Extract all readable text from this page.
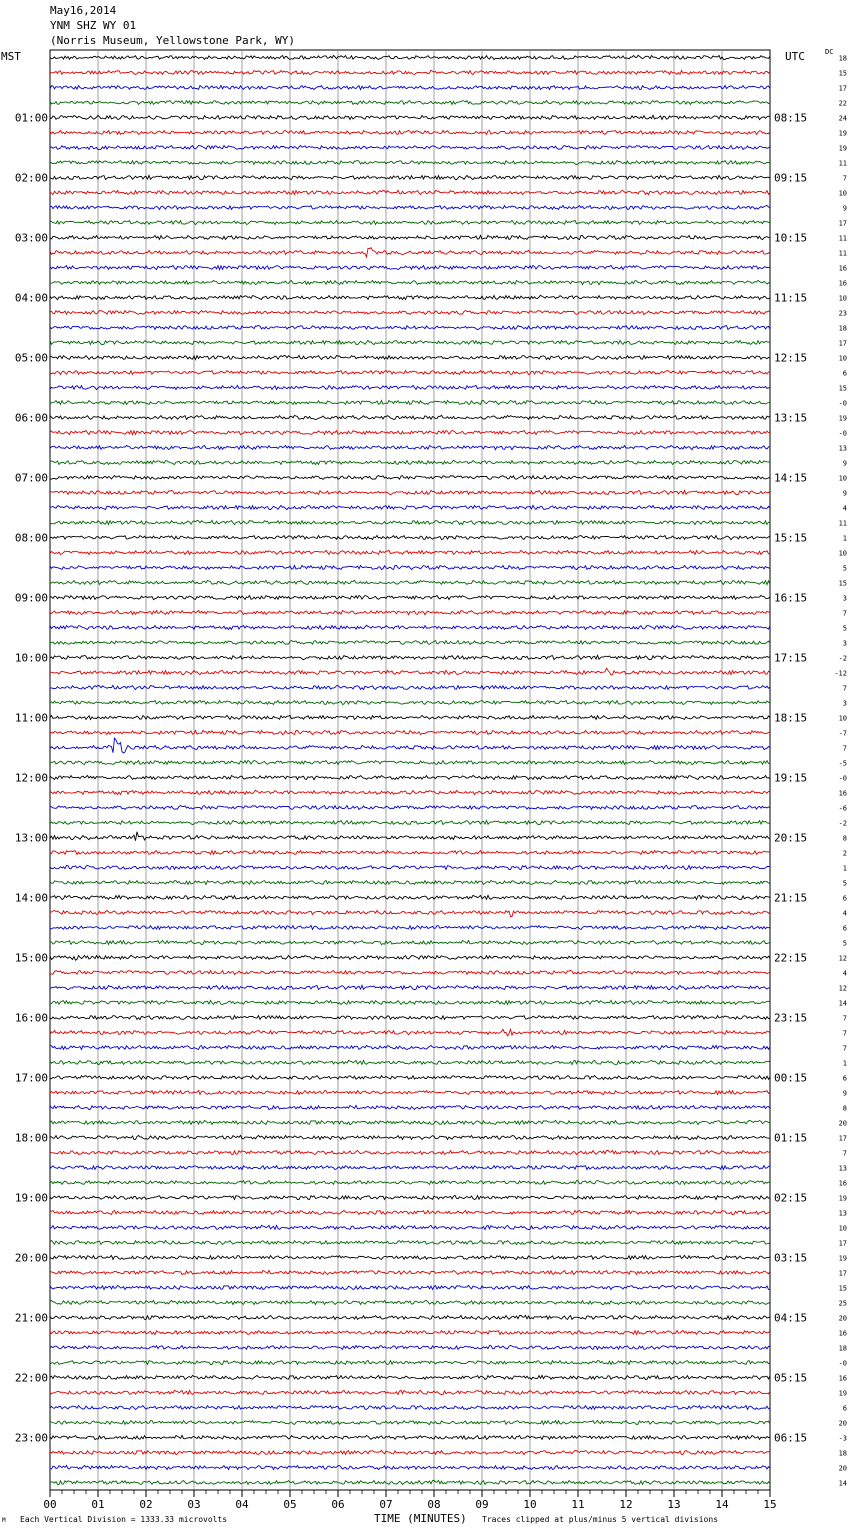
May16,2014
YNM SHZ WY 01
(Norris Museum, Yellowstone Park, WY)
MST	UTC	DC
18
15
17
22
24
19
19
11
7
10
9
17
11
11
16
16
10
23
18
17
10
6
15
-0
19
-0
13
9
10
9
4
11
1
10
5
15
3
7
5
3
-2
-12
7
3
10
-7
7
-5
-0
16
-6
-2
8
2
1
5
6
4
6
5
12
4
12
14
7
7
7
1
6
9
8
20
17
7
13
16
19
13
10
17
19
17
15
25
20
16
18
-0
16
19
6
20
-3
18
20
14
01:00	08:15
02:00	09:15
03:00	10:15
04:00	11:15
05:00	12:15
06:00	13:15
07:00	14:15
08:00	15:15
09:00	16:15
10:00	17:15
11:00	18:15
12:00	19:15
13:00	20:15
14:00	21:15
15:00	22:15
16:00	23:15
17:00	00:15
18:00	01:15
19:00	02:15
20:00	03:15
21:00	04:15
22:00	05:15
23:00	06:15
00	01	02	03	04	05	06	07	08	09	10	11	12	13	14	15
TIME (MINUTES)
M Each Vertical Division = 1333.33 microvolts	Traces clipped at plus/minus 5 vertical divisions
